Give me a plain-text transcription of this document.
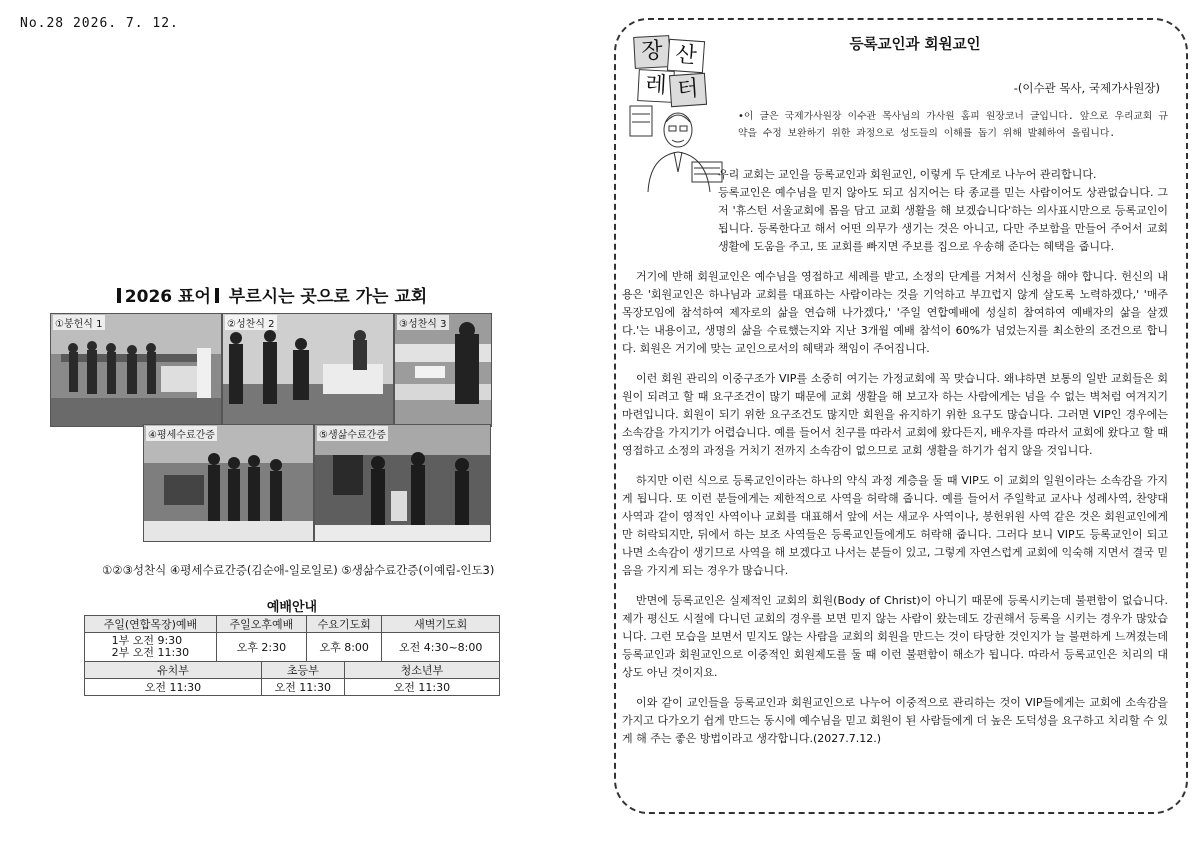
No.28 2026. 7. 12.
2026 표어 부르시는 곳으로 가는 교회
①봉헌식 1	②성찬식 2	③성찬식 3
④평세수료간증	⑤생삶수료간증
①②③성찬식 ④평세수료간증(김순애-일로일로) ⑤생삶수료간증(이예림-인도3)
예배안내					
주일(연합목장)예배	주일오후예배		수요기도회		새벽기도회
1부 오전 9:30
2부 오전 11:30	오후 2:30		오후 8:00		오전 4:30~8:00
유치부		초등부		청소년부	
오전 11:30		오전 11:30		오전 11:30	
장 산
레 터
등록교인과 회원교인
-(이수관 목사, 국제가사원장)
•이 글은 국제가사원장 이수관 목사님의 가사원 홈피 원장코너 글입니다. 앞으로 우리교회 규약을 수정 보완하기 위한 과정으로 성도들의 이해를 돕기 위해 발췌하여 올립니다.

우리 교회는 교인을 등록교인과 회원교인, 이렇게 두 단계로 나누어 관리합니다.

등록교인은 예수님을 믿지 않아도 되고 심지어는 타 종교를 믿는 사람이어도 상관없습니다. 그저 '휴스턴 서울교회에 몸을 담고 교회 생활을 해 보겠습니다'하는 의사표시만으로 등록교인이 됩니다. 등록한다고 해서 어떤 의무가 생기는 것은 아니고, 다만 주보함을 만들어 주어서 교회 생활에 도움을 주고, 또 교회를 빠지면 주보를 집으로 우송해 준다는 혜택을 줍니다.

거기에 반해 회원교인은 예수님을 영접하고 세례를 받고, 소정의 단계를 거쳐서 신청을 해야 합니다. 헌신의 내용은 '회원교인은 하나님과 교회를 대표하는 사람이라는 것을 기억하고 부끄럽지 않게 살도록 노력하겠다,' '매주 목장모임에 참석하여 제자로의 삶을 연습해 나가겠다,' '주일 연합예배에 성실히 참여하여 예배자의 삶을 살겠다.'는 내용이고, 생명의 삶을 수료했는지와 지난 3개월 예배 참석이 60%가 넘었는지를 최소한의 조건으로 합니다. 회원은 거기에 맞는 교인으로서의 혜택과 책임이 주어집니다.

이런 회원 관리의 이중구조가 VIP를 소중히 여기는 가정교회에 꼭 맞습니다. 왜냐하면 보통의 일반 교회들은 회원이 되려고 할 때 요구조건이 많기 때문에 교회 생활을 해 보고자 하는 사람에게는 넘을 수 없는 벽처럼 여겨지기 마련입니다. 회원이 되기 위한 요구조건도 많지만 회원을 유지하기 위한 요구도 많습니다. 그러면 VIP인 경우에는 소속감을 가지기가 어렵습니다. 예를 들어서 친구를 따라서 교회에 왔다든지, 배우자를 따라서 교회에 왔다고 할 때 영접하고 소정의 과정을 거치기 전까지 소속감이 없으므로 교회 생활을 하기가 쉽지 않을 것입니다.

하지만 이런 식으로 등록교인이라는 하나의 약식 과정 계층을 둘 때 VIP도 이 교회의 일원이라는 소속감을 가지게 됩니다. 또 이런 분들에게는 제한적으로 사역을 허락해 줍니다. 예를 들어서 주일학교 교사나 성례사역, 찬양대 사역과 같이 영적인 사역이나 교회를 대표해서 앞에 서는 새교우 사역이나, 봉헌위원 사역 같은 것은 회원교인에게만 허락되지만, 뒤에서 하는 보조 사역들은 등록교인들에게도 허락해 줍니다. 그러다 보니 VIP도 등록교인이 되고 나면 소속감이 생기므로 사역을 해 보겠다고 나서는 분들이 있고, 그렇게 자연스럽게 교회에 익숙해 지면서 결국 믿음을 가지게 되는 경우가 많습니다.

반면에 등록교인은 실제적인 교회의 회원(Body of Christ)이 아니기 때문에 등록시키는데 불편함이 없습니다. 제가 평신도 시절에 다니던 교회의 경우를 보면 믿지 않는 사람이 왔는데도 강권해서 등록을 시키는 경우가 많았습니다. 그런 모습을 보면서 믿지도 않는 사람을 교회의 회원을 만드는 것이 타당한 것인지가 늘 불편하게 느껴졌는데 등록교인과 회원교인으로 이중적인 회원제도를 둘 때 이런 불편함이 해소가 됩니다. 따라서 등록교인은 치리의 대상도 아닌 것이지요.

이와 같이 교인들을 등록교인과 회원교인으로 나누어 이중적으로 관리하는 것이 VIP들에게는 교회에 소속감을 가지고 다가오기 쉽게 만드는 동시에 예수님을 믿고 회원이 된 사람들에게 더 높은 도덕성을 요구하고 치리할 수 있게 해 주는 좋은 방법이라고 생각합니다.(2027.7.12.)
